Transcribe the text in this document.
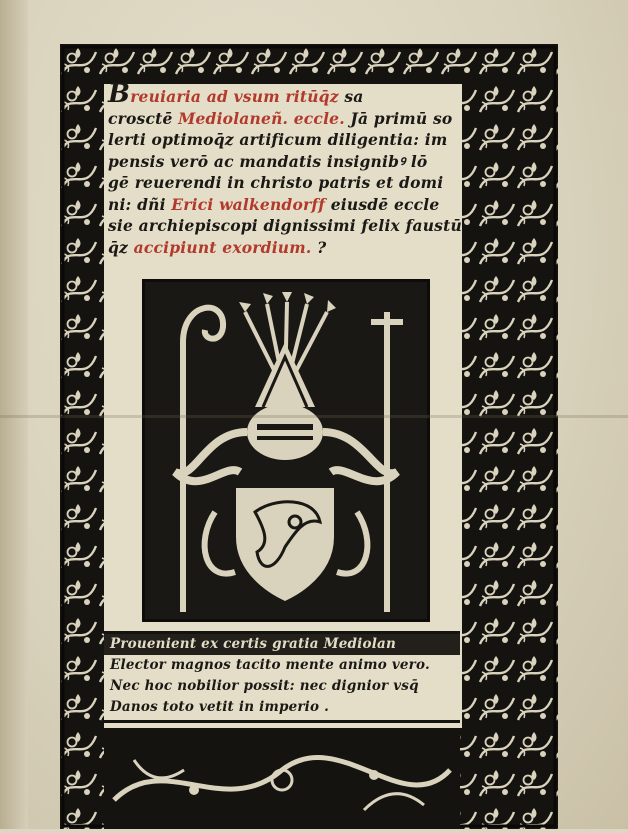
Breuiaria ad vsum ritūq̄z sa
crosctē Mediolaneñ. eccle. Jā primū so
lerti optimoq̄z artificum diligentia: im
pensis verō ac mandatis insignibꝰ lō
gē reuerendi in christo patris et domi
ni: dñi Erici walkendorff eiusdē eccle
sie archiepiscopi dignissimi felix faustū
q̄z accipiunt exordium. ?
Prouenient ex certis gratia Mediolan
Elector magnos tacito mente animo vero.
Nec hoc nobilior possit: nec dignior vsq̄
Danos toto vetit in imperio .
